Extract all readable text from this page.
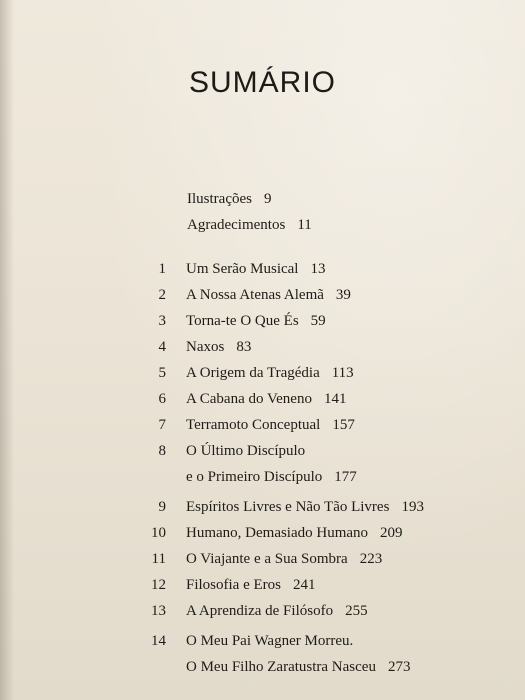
SUMÁRIO
Ilustrações 9
Agradecimentos 11
1 Um Serão Musical 13
2 A Nossa Atenas Alemã 39
3 Torna-te O Que És 59
4 Naxos 83
5 A Origem da Tragédia 113
6 A Cabana do Veneno 141
7 Terramoto Conceptual 157
8 O Último Discípulo
e o Primeiro Discípulo 177
9 Espíritos Livres e Não Tão Livres 193
10 Humano, Demasiado Humano 209
11 O Viajante e a Sua Sombra 223
12 Filosofia e Eros 241
13 A Aprendiza de Filósofo 255
14 O Meu Pai Wagner Morreu.
O Meu Filho Zaratustra Nasceu 273
